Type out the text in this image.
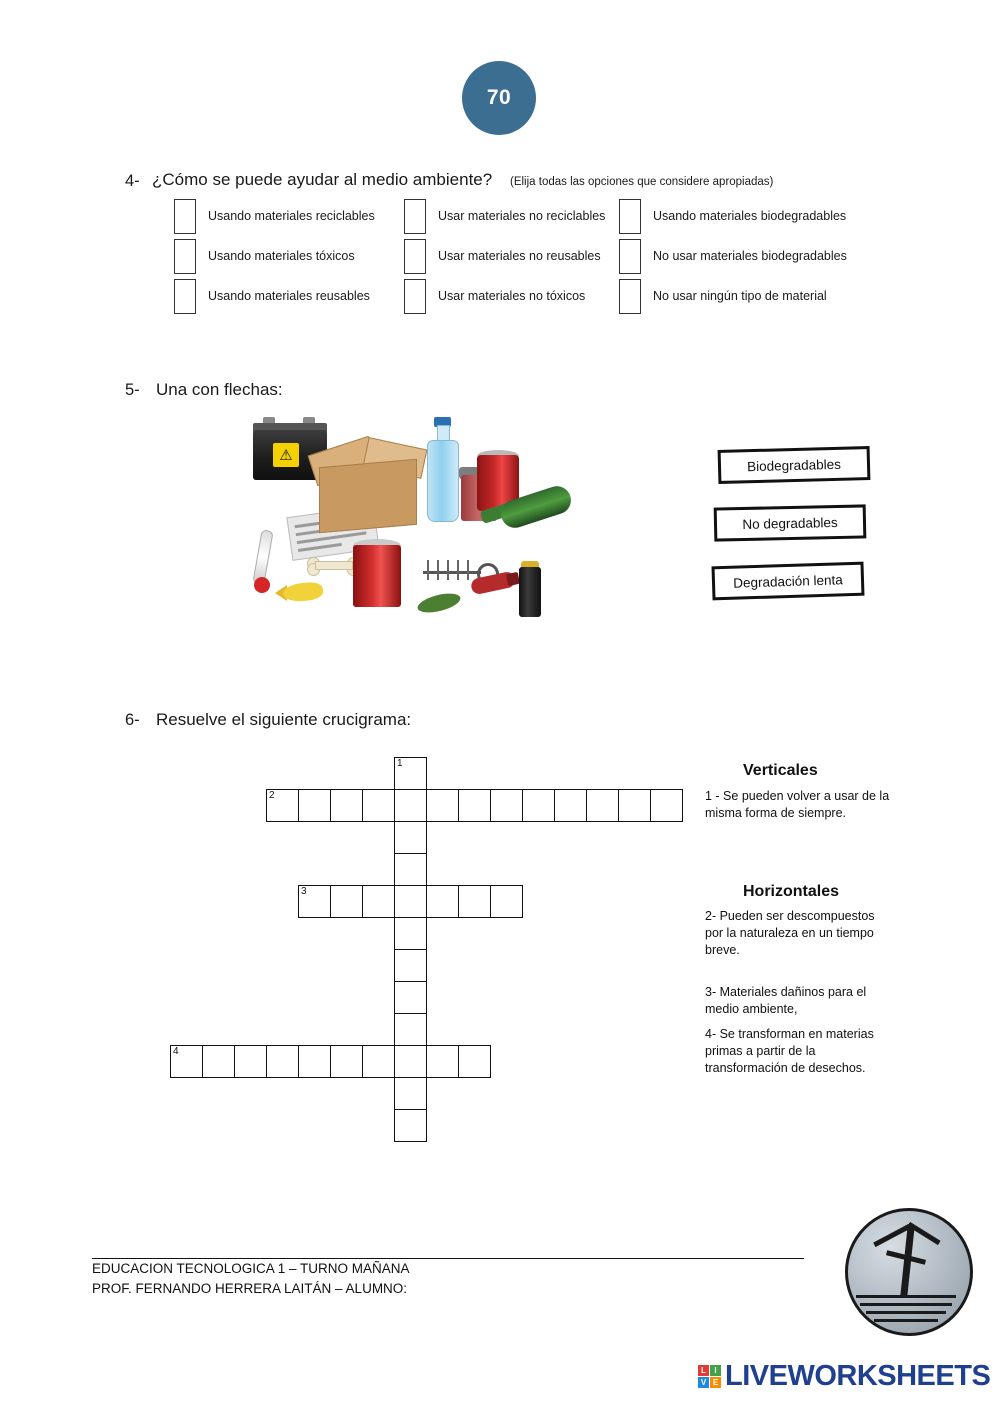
70
4- ¿Cómo se puede ayudar al medio ambiente? (Elija todas las opciones que considere apropiadas)
Usando materiales reciclables
Usando materiales tóxicos
Usando materiales reusables
Usar materiales no reciclables
Usar materiales no reusables
Usar materiales no tóxicos
Usando materiales biodegradables
No usar materiales biodegradables
No usar ningún tipo de material
5- Una con flechas:
⚠
Biodegradables
No degradables
Degradación lenta
6- Resuelve el siguiente crucigrama:
1
2
3
4
Verticales
1 - Se pueden volver a usar de la misma forma de siempre.
Horizontales
2- Pueden ser descompuestos por la naturaleza en un tiempo breve.
3- Materiales dañinos para el medio ambiente,
4- Se transforman en materias primas a partir de la transformación de desechos.
EDUCACION TECNOLOGICA 1 – TURNO MAÑANA
PROF. FERNANDO HERRERA LAITÁN – ALUMNO:
L	I
V E LIVEWORKSHEETS
